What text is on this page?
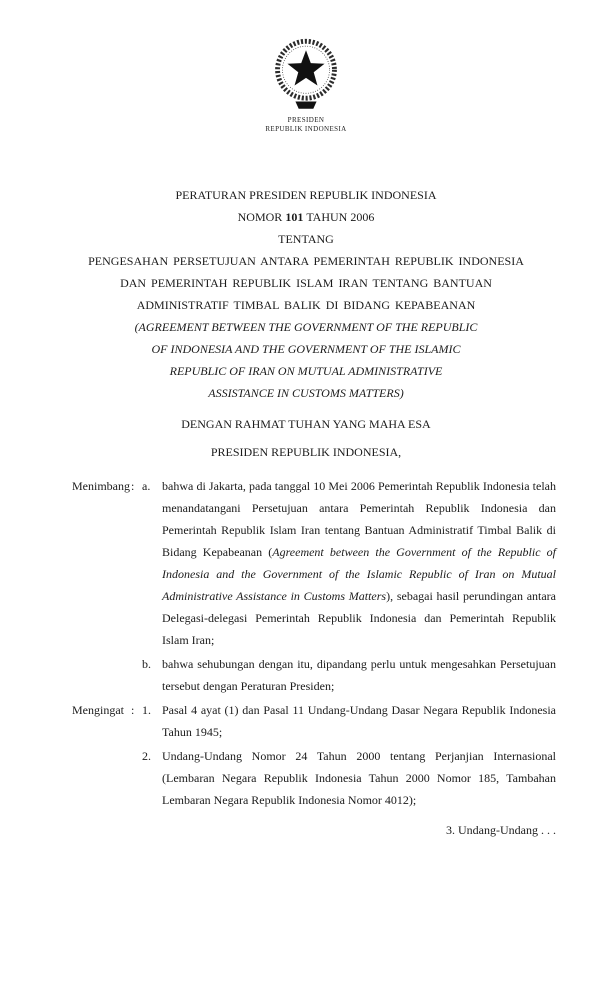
PRESIDEN
REPUBLIK INDONESIA
PERATURAN PRESIDEN REPUBLIK INDONESIA
NOMOR 101 TAHUN 2006
TENTANG
PENGESAHAN PERSETUJUAN ANTARA PEMERINTAH REPUBLIK INDONESIA
DAN PEMERINTAH REPUBLIK ISLAM IRAN TENTANG BANTUAN
ADMINISTRATIF TIMBAL BALIK DI BIDANG KEPABEANAN
(AGREEMENT BETWEEN THE GOVERNMENT OF THE REPUBLIC
OF INDONESIA AND THE GOVERNMENT OF THE ISLAMIC
REPUBLIC OF IRAN ON MUTUAL ADMINISTRATIVE
ASSISTANCE IN CUSTOMS MATTERS)
DENGAN RAHMAT TUHAN YANG MAHA ESA
PRESIDEN REPUBLIK INDONESIA,
Menimbang : a. bahwa di Jakarta, pada tanggal 10 Mei 2006 Pemerintah Republik Indonesia telah menandatangani Persetujuan antara Pemerintah Republik Indonesia dan Pemerintah Republik Islam Iran tentang Bantuan Administratif Timbal Balik di Bidang Kepabeanan (Agreement between the Government of the Republic of Indonesia and the Government of the Islamic Republic of Iran on Mutual Administrative Assistance in Customs Matters), sebagai hasil perundingan antara Delegasi-delegasi Pemerintah Republik Indonesia dan Pemerintah Republik Islam Iran;
b. bahwa sehubungan dengan itu, dipandang perlu untuk mengesahkan Persetujuan tersebut dengan Peraturan Presiden;
Mengingat : 1. Pasal 4 ayat (1) dan Pasal 11 Undang-Undang Dasar Negara Republik Indonesia Tahun 1945;
2. Undang-Undang Nomor 24 Tahun 2000 tentang Perjanjian Internasional (Lembaran Negara Republik Indonesia Tahun 2000 Nomor 185, Tambahan Lembaran Negara Republik Indonesia Nomor 4012);
3. Undang-Undang . . .
